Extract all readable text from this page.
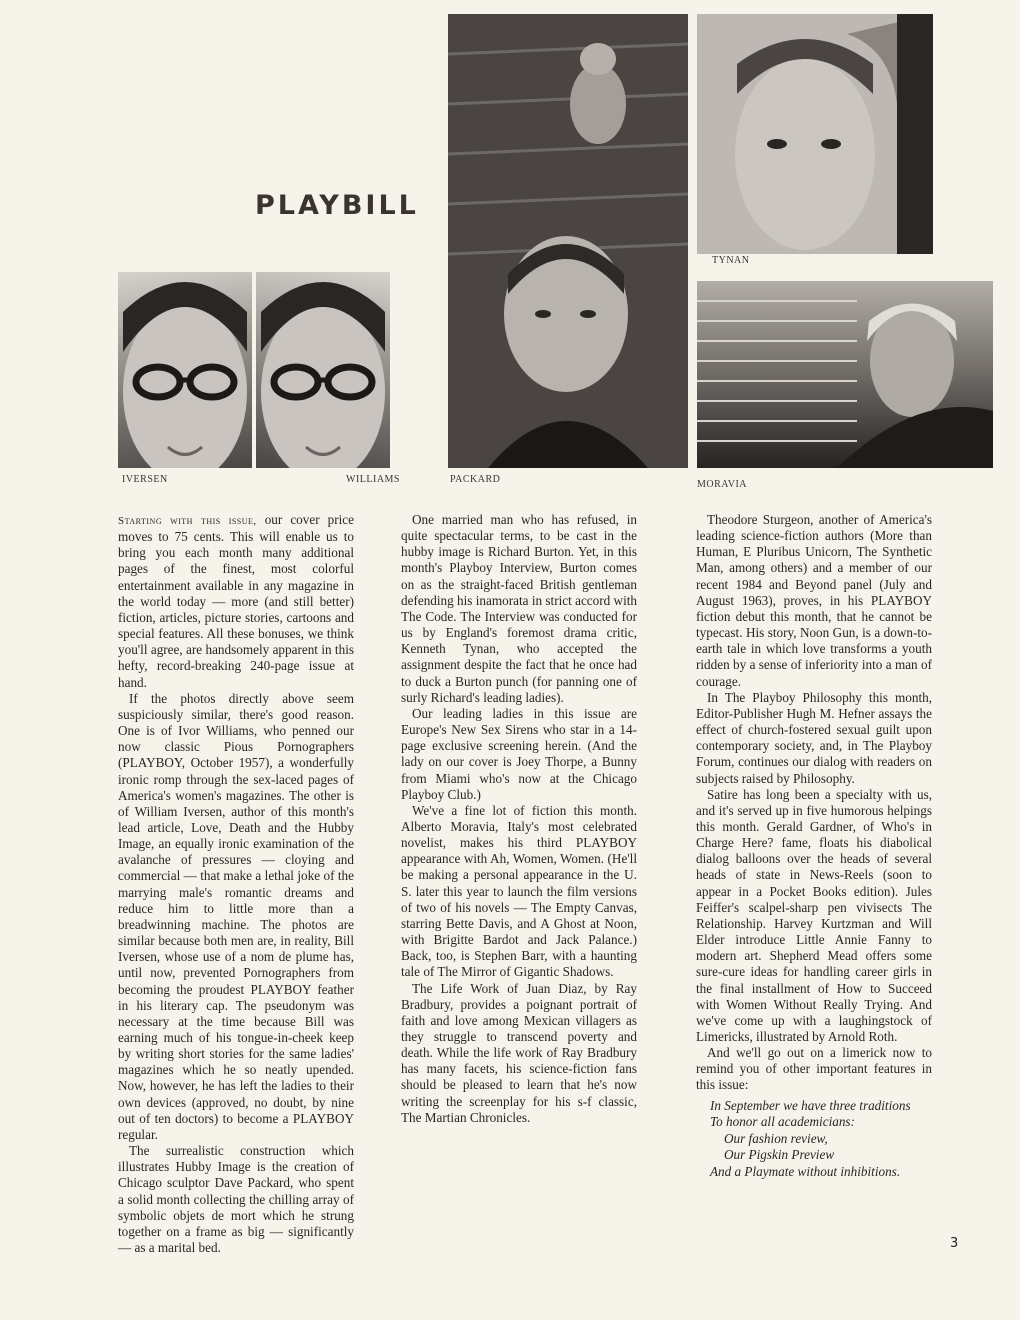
PLAYBILL
TYNAN
IVERSEN	WILLIAMS	PACKARD	MORAVIA

Starting with this issue, our cover price moves to 75 cents. This will enable us to bring you each month many additional pages of the finest, most colorful entertainment available in any magazine in the world today — more (and still better) fiction, articles, picture stories, cartoons and special features. All these bonuses, we think you'll agree, are handsomely apparent in this hefty, record-breaking 240-page issue at hand.

If the photos directly above seem suspiciously similar, there's good reason. One is of Ivor Williams, who penned our now classic Pious Pornographers (PLAYBOY, October 1957), a wonderfully ironic romp through the sex-laced pages of America's women's magazines. The other is of William Iversen, author of this month's lead article, Love, Death and the Hubby Image, an equally ironic examination of the avalanche of pressures — cloying and commercial — that make a lethal joke of the marrying male's romantic dreams and reduce him to little more than a breadwinning machine. The photos are similar because both men are, in reality, Bill Iversen, whose use of a nom de plume has, until now, prevented Pornographers from becoming the proudest PLAYBOY feather in his literary cap. The pseudonym was necessary at the time because Bill was earning much of his tongue-in-cheek keep by writing short stories for the same ladies' magazines which he so neatly upended. Now, however, he has left the ladies to their own devices (approved, no doubt, by nine out of ten doctors) to become a PLAYBOY regular.

The surrealistic construction which illustrates Hubby Image is the creation of Chicago sculptor Dave Packard, who spent a solid month collecting the chilling array of symbolic objets de mort which he strung together on a frame as big — significantly — as a marital bed.

One married man who has refused, in quite spectacular terms, to be cast in the hubby image is Richard Burton. Yet, in this month's Playboy Interview, Burton comes on as the straight-faced British gentleman defending his inamorata in strict accord with The Code. The Interview was conducted for us by England's foremost drama critic, Kenneth Tynan, who accepted the assignment despite the fact that he once had to duck a Burton punch (for panning one of surly Richard's leading ladies).

Our leading ladies in this issue are Europe's New Sex Sirens who star in a 14-page exclusive screening herein. (And the lady on our cover is Joey Thorpe, a Bunny from Miami who's now at the Chicago Playboy Club.)

We've a fine lot of fiction this month. Alberto Moravia, Italy's most celebrated novelist, makes his third PLAYBOY appearance with Ah, Women, Women. (He'll be making a personal appearance in the U. S. later this year to launch the film versions of two of his novels — The Empty Canvas, starring Bette Davis, and A Ghost at Noon, with Brigitte Bardot and Jack Palance.) Back, too, is Stephen Barr, with a haunting tale of The Mirror of Gigantic Shadows.

The Life Work of Juan Diaz, by Ray Bradbury, provides a poignant portrait of faith and love among Mexican villagers as they struggle to transcend poverty and death. While the life work of Ray Bradbury has many facets, his science-fiction fans should be pleased to learn that he's now writing the screenplay for his s-f classic, The Martian Chronicles.

Theodore Sturgeon, another of America's leading science-fiction authors (More than Human, E Pluribus Unicorn, The Synthetic Man, among others) and a member of our recent 1984 and Beyond panel (July and August 1963), proves, in his PLAYBOY fiction debut this month, that he cannot be typecast. His story, Noon Gun, is a down-to-earth tale in which love transforms a youth ridden by a sense of inferiority into a man of courage.

In The Playboy Philosophy this month, Editor-Publisher Hugh M. Hefner assays the effect of church-fostered sexual guilt upon contemporary society, and, in The Playboy Forum, continues our dialog with readers on subjects raised by Philosophy.

Satire has long been a specialty with us, and it's served up in five humorous helpings this month. Gerald Gardner, of Who's in Charge Here? fame, floats his diabolical dialog balloons over the heads of several heads of state in News-Reels (soon to appear in a Pocket Books edition). Jules Feiffer's scalpel-sharp pen vivisects The Relationship. Harvey Kurtzman and Will Elder introduce Little Annie Fanny to modern art. Shepherd Mead offers some sure-cure ideas for handling career girls in the final installment of How to Succeed with Women Without Really Trying. And we've come up with a laughingstock of Limericks, illustrated by Arnold Roth.

And we'll go out on a limerick now to remind you of other important features in this issue:

In September we have three traditions
To honor all academicians:
Our fashion review,
Our Pigskin Preview
And a Playmate without inhibitions.
3
